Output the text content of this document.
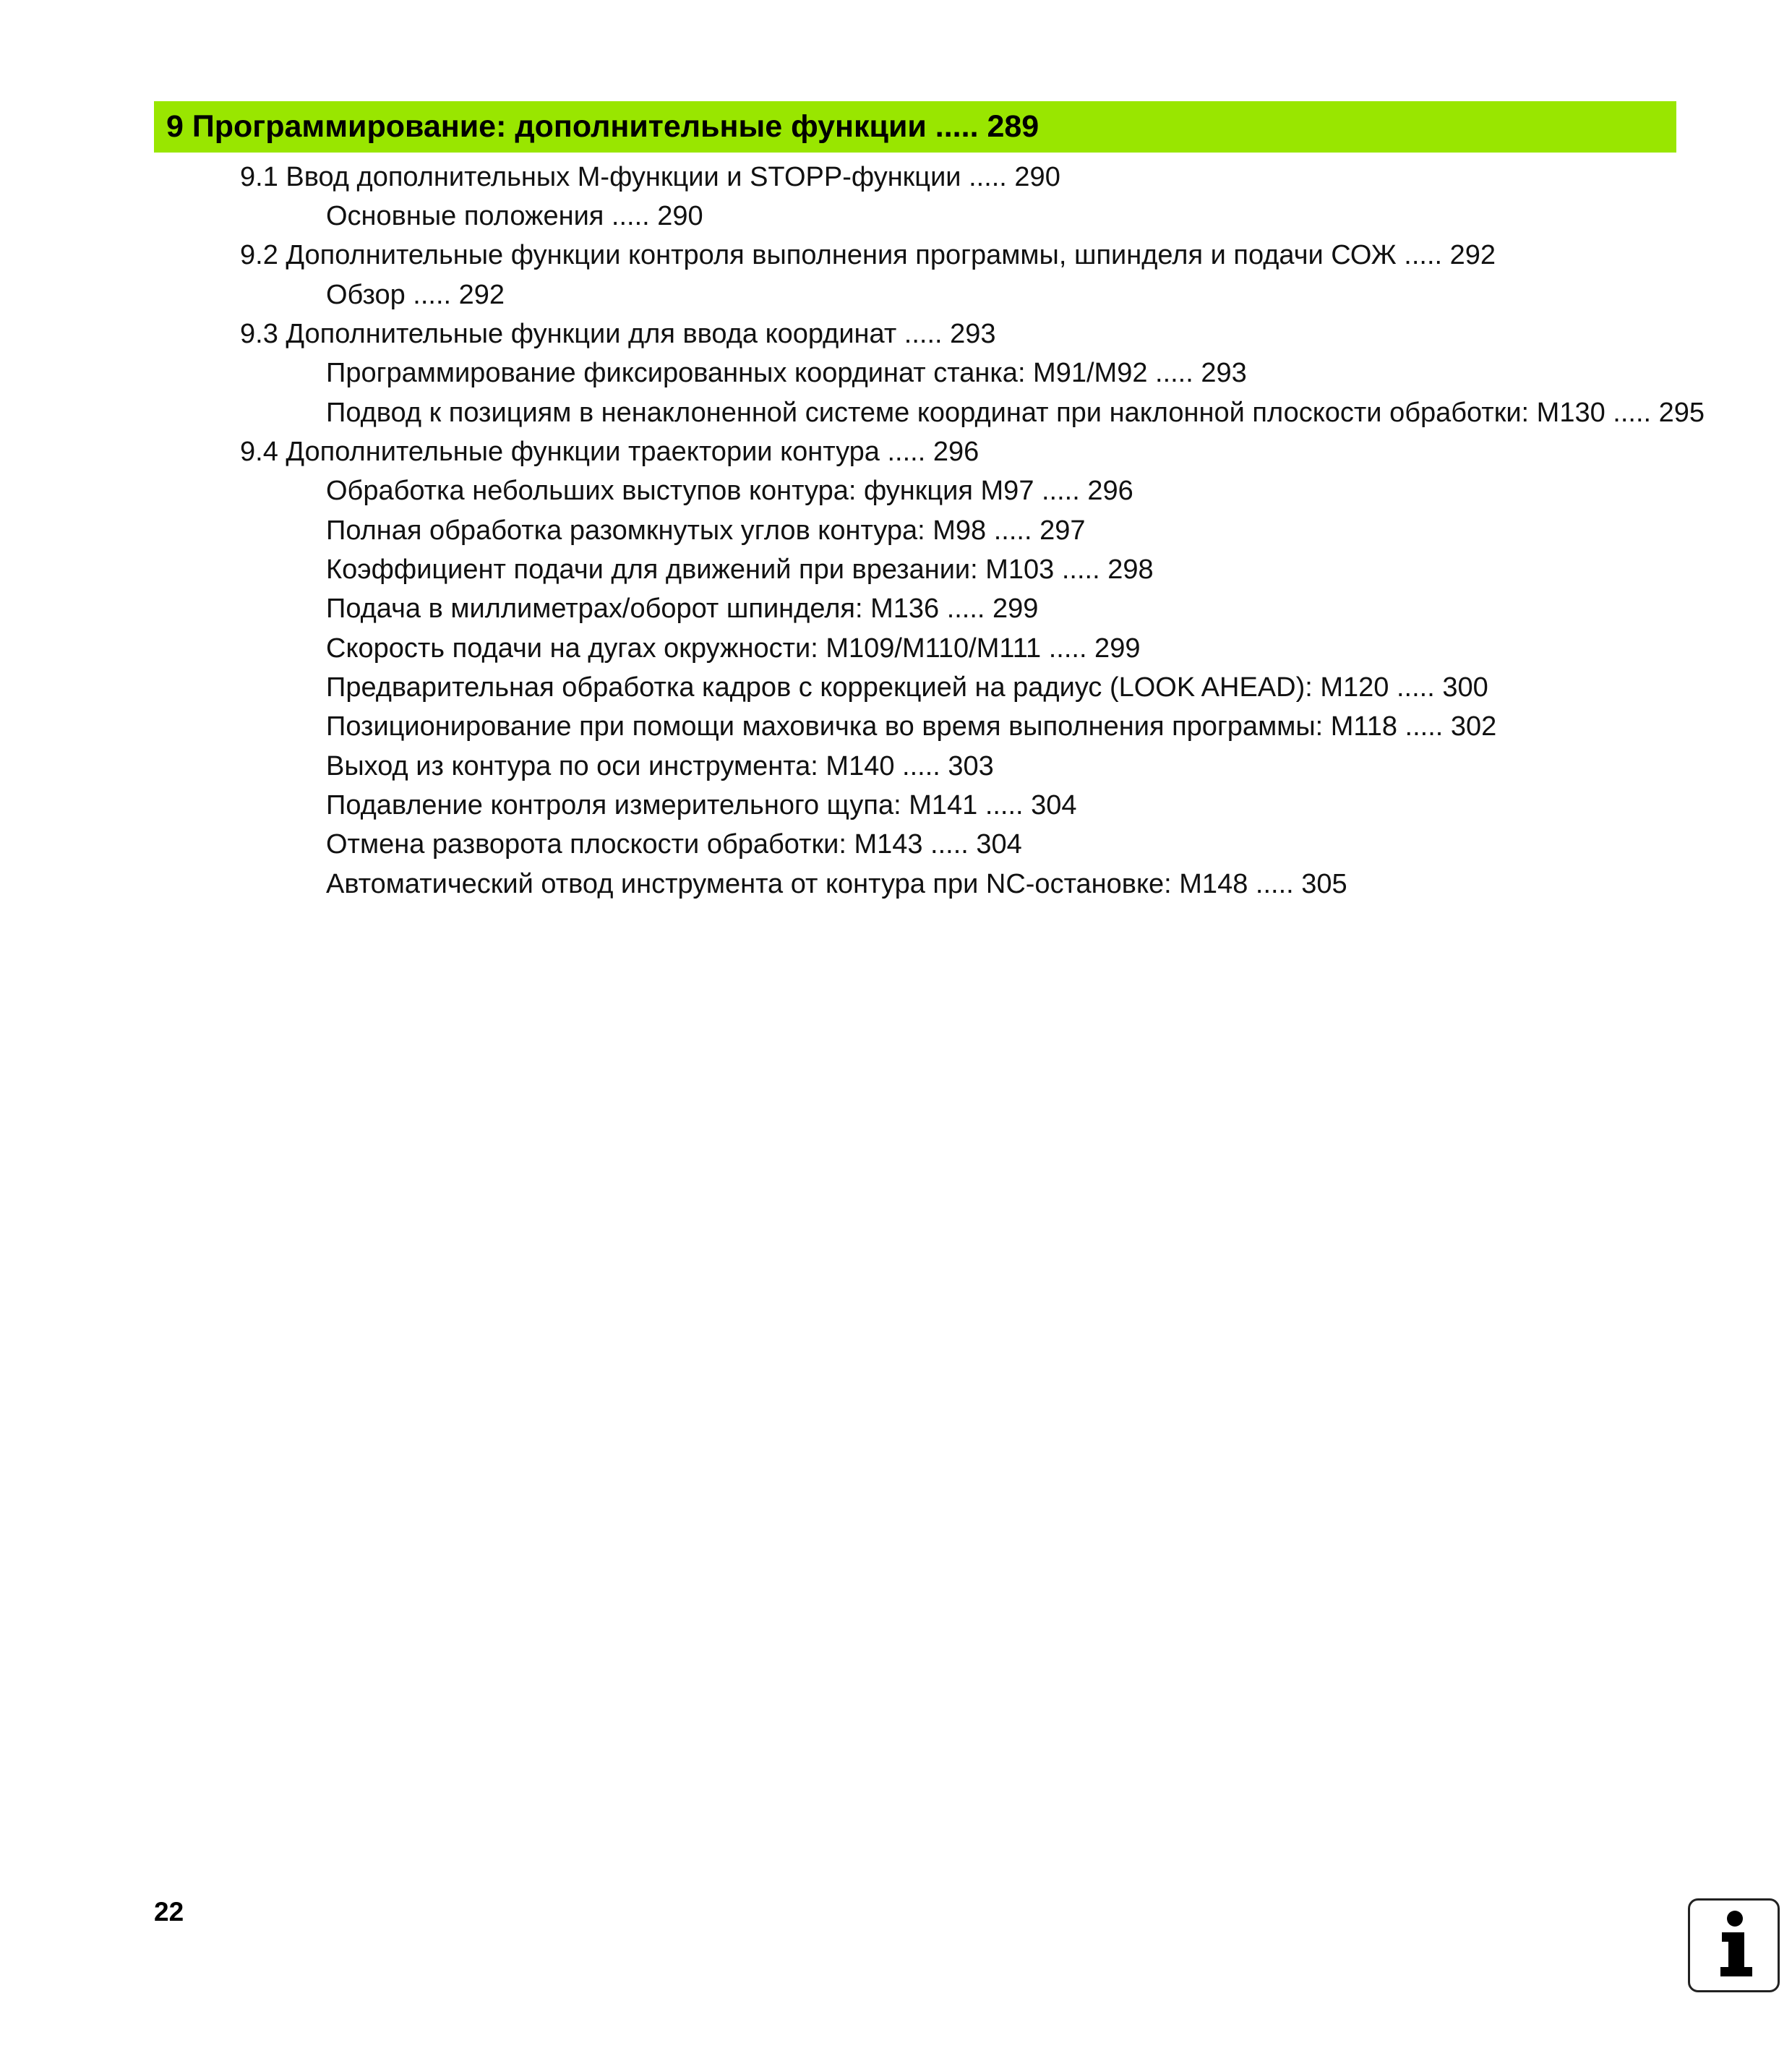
9 Программирование: дополнительные функции ..... 289
9.1 Ввод дополнительных М-функции и STOPP-функции ..... 290
Основные положения ..... 290
9.2 Дополнительные функции контроля выполнения программы, шпинделя и подачи СОЖ ..... 292
Обзор ..... 292
9.3 Дополнительные функции для ввода координат ..... 293
Программирование фиксированных координат станка: M91/M92 ..... 293
Подвод к позициям в ненаклоненной системе координат при наклонной плоскости обработки: M130 ..... 295
9.4 Дополнительные функции траектории контура ..... 296
Обработка небольших выступов контура: функция M97 ..... 296
Полная обработка разомкнутых углов контура: M98 ..... 297
Коэффициент подачи для движений при врезании: M103 ..... 298
Подача в миллиметрах/оборот шпинделя: M136 ..... 299
Скорость подачи на дугах окружности: M109/M110/M111 ..... 299
Предварительная обработка кадров с коррекцией на радиус (LOOK AHEAD): M120 ..... 300
Позиционирование при помощи маховичка во время выполнения программы: M118 ..... 302
Выход из контура по оси инструмента: M140 ..... 303
Подавление контроля измерительного щупа: M141 ..... 304
Отмена разворота плоскости обработки: M143 ..... 304
Автоматический отвод инструмента от контура при NC-остановке: M148 ..... 305
22
